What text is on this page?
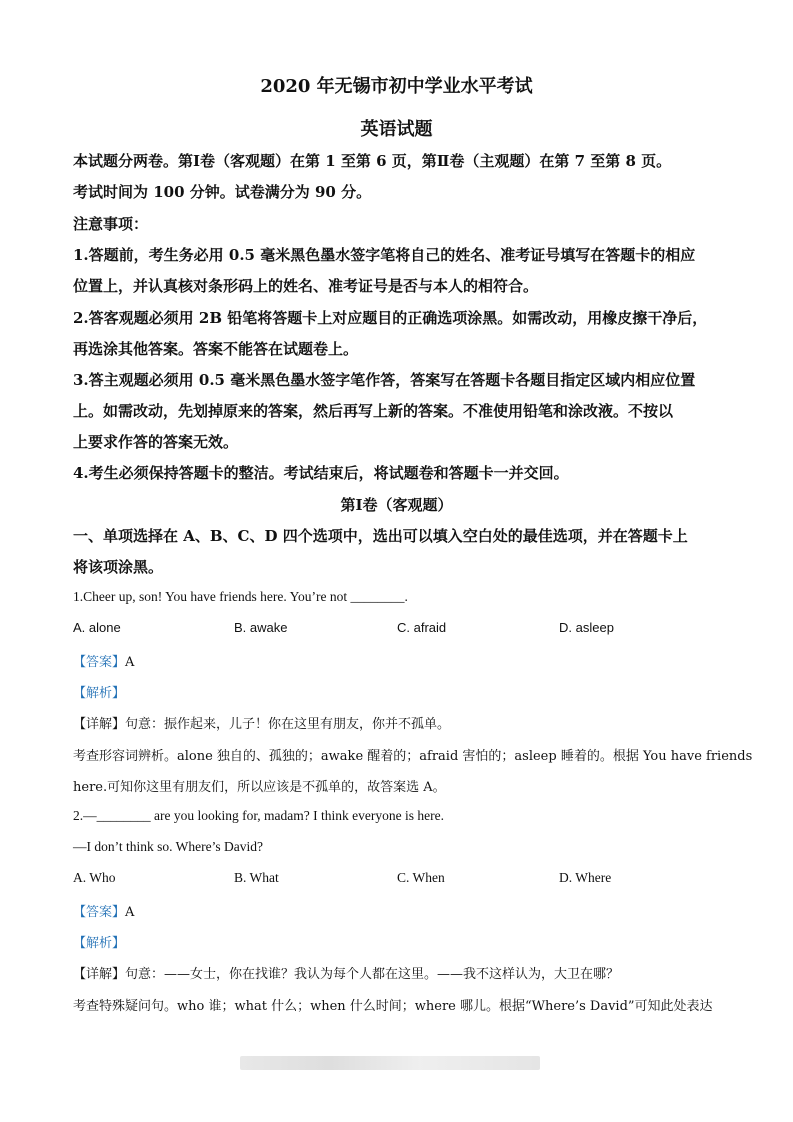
2020 年无锡市初中学业水平考试
英语试题
本试题分两卷。第Ⅰ卷（客观题）在第 1 至第 6 页，第Ⅱ卷（主观题）在第 7 至第 8 页。
考试时间为 100 分钟。试卷满分为 90 分。
注意事项：
1.答题前，考生务必用 0.5 毫米黑色墨水签字笔将自己的姓名、准考证号填写在答题卡的相应
位置上，并认真核对条形码上的姓名、准考证号是否与本人的相符合。
2.答客观题必须用 2B 铅笔将答题卡上对应题目的正确选项涂黑。如需改动，用橡皮擦干净后，
再选涂其他答案。答案不能答在试题卷上。
3.答主观题必须用 0.5 毫米黑色墨水签字笔作答，答案写在答题卡各题目指定区域内相应位置
上。如需改动，先划掉原来的答案，然后再写上新的答案。不准使用铅笔和涂改液。不按以
上要求作答的答案无效。
4.考生必须保持答题卡的整洁。考试结束后，将试题卷和答题卡一并交回。
第Ⅰ卷（客观题）
一、单项选择在 A、B、C、D 四个选项中，选出可以填入空白处的最佳选项，并在答题卡上
将该项涂黑。
1.Cheer up, son! You have friends here. You’re not ________.
A. alone	B. awake	C. afraid	D. asleep
【答案】A
【解析】
【详解】句意：振作起来，儿子！你在这里有朋友，你并不孤单。
考查形容词辨析。alone 独自的、孤独的；awake 醒着的；afraid 害怕的；asleep 睡着的。根据 You have friends
here.可知你这里有朋友们，所以应该是不孤单的，故答案选 A。
2.—________ are you looking for, madam? I think everyone is here.
—I don’t think so. Where’s David?
A. Who	B. What	C. When	D. Where
【答案】A
【解析】
【详解】句意：——女士，你在找谁？我认为每个人都在这里。——我不这样认为，大卫在哪？
考查特殊疑问句。who 谁；what 什么；when 什么时间；where 哪儿。根据“Where’s David”可知此处表达
